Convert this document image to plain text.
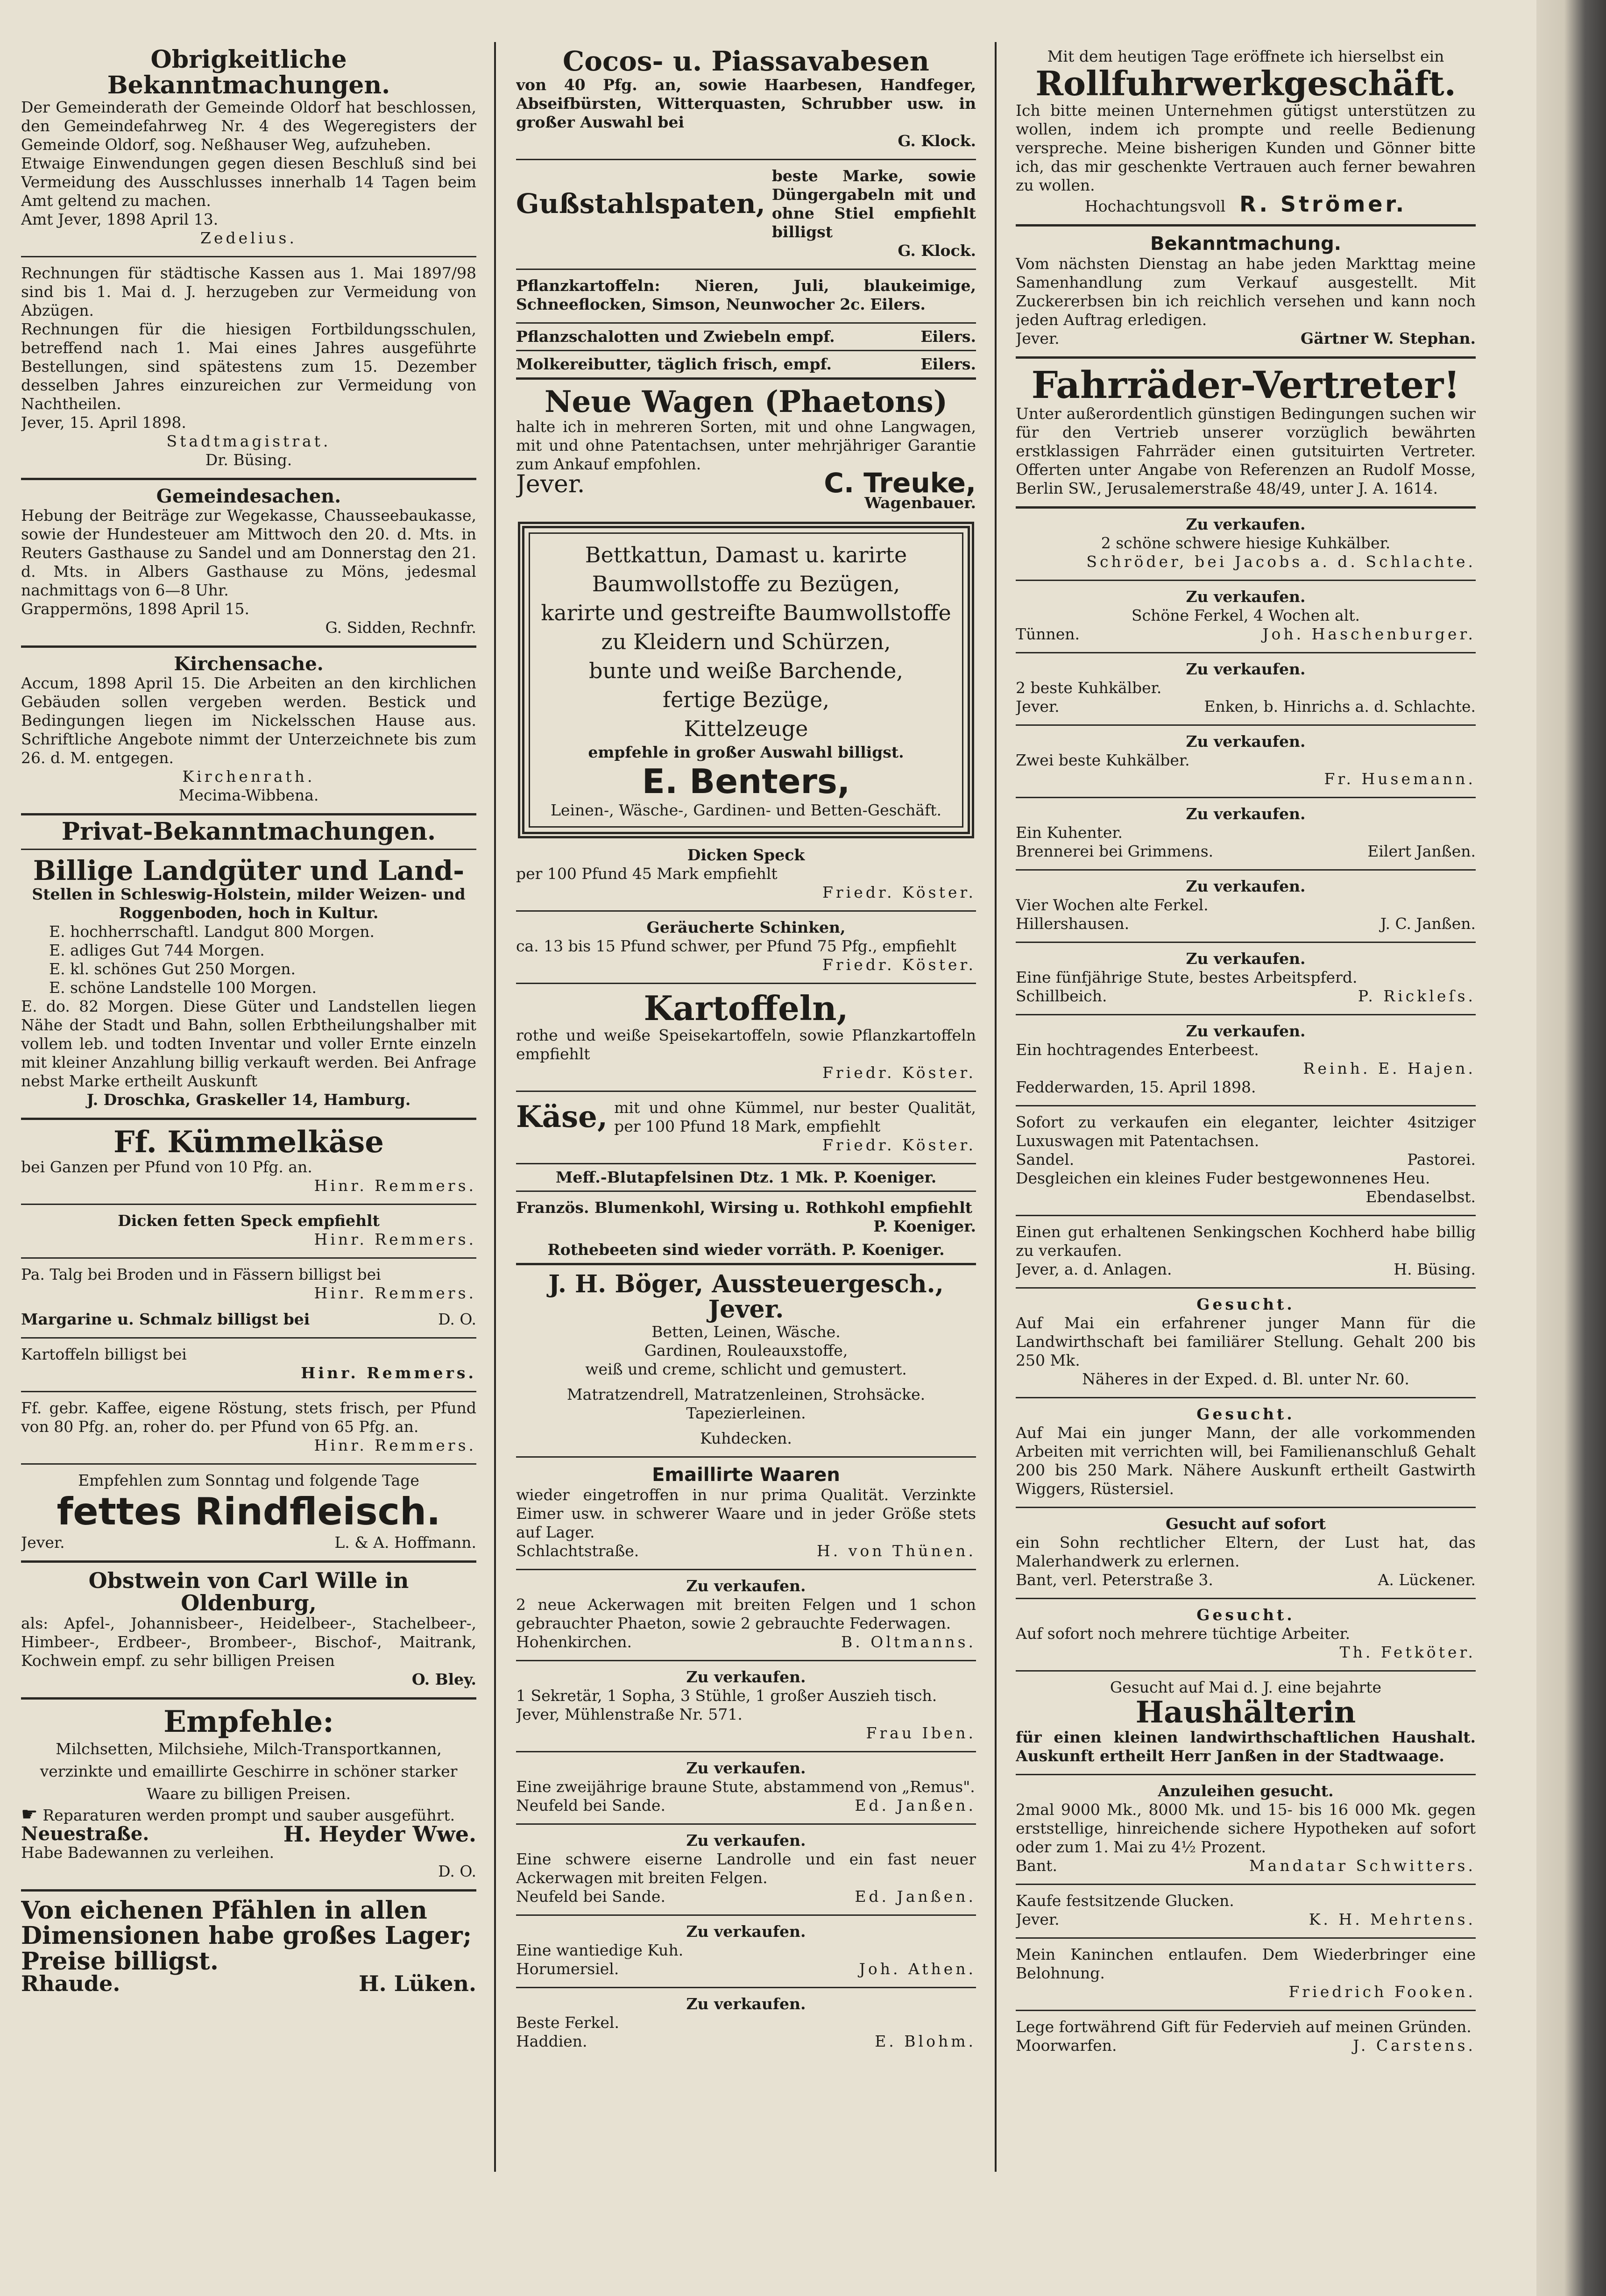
Obrigkeitliche Bekanntmachungen.
Der Gemeinderath der Gemeinde Oldorf hat beschlossen, den Gemeindefahrweg Nr. 4 des Wegeregisters der Gemeinde Oldorf, sog. Neßhauser Weg, aufzuheben.
Etwaige Einwendungen gegen diesen Beschluß sind bei Vermeidung des Ausschlusses innerhalb 14 Tagen beim Amt geltend zu machen.
Amt Jever, 1898 April 13.
Zedelius.
Rechnungen für städtische Kassen aus 1. Mai 1897/98 sind bis 1. Mai d. J. herzugeben zur Vermeidung von Abzügen.
Rechnungen für die hiesigen Fortbildungsschulen, betreffend nach 1. Mai eines Jahres ausgeführte Bestellungen, sind spätestens zum 15. Dezember desselben Jahres einzureichen zur Vermeidung von Nachtheilen.
Jever, 15. April 1898.
Stadtmagistrat.
Dr. Büsing.
Gemeindesachen.
Hebung der Beiträge zur Wegekasse, Chausseebaukasse, sowie der Hundesteuer am Mittwoch den 20. d. Mts. in Reuters Gasthause zu Sandel und am Donnerstag den 21. d. Mts. in Albers Gasthause zu Möns, jedesmal nachmittags von 6—8 Uhr.
Grappermöns, 1898 April 15.
G. Sidden, Rechnfr.
Kirchensache.
Accum, 1898 April 15. Die Arbeiten an den kirchlichen Gebäuden sollen vergeben werden. Bestick und Bedingungen liegen im Nickelsschen Hause aus. Schriftliche Angebote nimmt der Unterzeichnete bis zum 26. d. M. entgegen.
Kirchenrath.
Mecima-Wibbena.
Privat-Bekanntmachungen.
Billige Landgüter und Land-
Stellen in Schleswig-Holstein, milder Weizen- und Roggenboden, hoch in Kultur.
E. hochherrschaftl. Landgut 800 Morgen.
E. adliges Gut 744 Morgen.
E. kl. schönes Gut 250 Morgen.
E. schöne Landstelle 100 Morgen.
E. do. 82 Morgen. Diese Güter und Landstellen liegen Nähe der Stadt und Bahn, sollen Erbtheilungshalber mit vollem leb. und todten Inventar und voller Ernte einzeln mit kleiner Anzahlung billig verkauft werden. Bei Anfrage nebst Marke ertheilt Auskunft
J. Droschka, Graskeller 14, Hamburg.
Ff. Kümmelkäse
bei Ganzen per Pfund von 10 Pfg. an.
Hinr. Remmers.
Dicken fetten Speck empfiehlt
Hinr. Remmers.
Pa. Talg bei Broden und in Fässern billigst bei
Hinr. Remmers.
Margarine u. Schmalz billigst bei	D. O.
Kartoffeln billigst bei
Hinr. Remmers.
Ff. gebr. Kaffee, eigene Röstung, stets frisch, per Pfund von 80 Pfg. an, roher do. per Pfund von 65 Pfg. an.
Hinr. Remmers.
Empfehlen zum Sonntag und folgende Tage
fettes Rindfleisch.
Jever.	L. & A. Hoffmann.
Obstwein von Carl Wille in Oldenburg,
als: Apfel-, Johannisbeer-, Heidelbeer-, Stachelbeer-, Himbeer-, Erdbeer-, Brombeer-, Bischof-, Maitrank, Kochwein empf. zu sehr billigen Preisen
O. Bley.
Empfehle:
Milchsetten, Milchsiehe, Milch-Transportkannen, verzinkte und emaillirte Geschirre in schöner starker Waare zu billigen Preisen.
☛ Reparaturen werden prompt und sauber ausgeführt.
Neuestraße.	H. Heyder Wwe.
Habe Badewannen zu verleihen.
D. O.
Von eichenen Pfählen in allen Dimensionen habe großes Lager; Preise billigst.
Rhaude.	H. Lüken.
Cocos- u. Piassavabesen
von 40 Pfg. an, sowie Haarbesen, Handfeger, Abseifbürsten, Witterquasten, Schrubber usw. in großer Auswahl bei
G. Klock.
Gußstahlspaten,
beste Marke, sowie Düngergabeln mit und ohne Stiel empfiehlt billigst
G. Klock.
Pflanzkartoffeln: Nieren, Juli, blaukeimige, Schneeflocken, Simson, Neunwocher 2c. Eilers.
Pflanzschalotten und Zwiebeln empf.	Eilers.
Molkereibutter, täglich frisch, empf.	Eilers.
Neue Wagen (Phaetons)
halte ich in mehreren Sorten, mit und ohne Langwagen, mit und ohne Patentachsen, unter mehrjähriger Garantie zum Ankauf empfohlen.
Jever.	C. Treuke,
Wagenbauer.
Bettkattun, Damast u. karirte Baumwollstoffe zu Bezügen,
karirte und gestreifte Baumwollstoffe
zu Kleidern und Schürzen,
bunte und weiße Barchende,
fertige Bezüge,
Kittelzeuge
empfehle in großer Auswahl billigst.
E. Benters,
Leinen-, Wäsche-, Gardinen- und Betten-Geschäft.
Dicken Speck
per 100 Pfund 45 Mark empfiehlt
Friedr. Köster.
Geräucherte Schinken,
ca. 13 bis 15 Pfund schwer, per Pfund 75 Pfg., empfiehlt
Friedr. Köster.
Kartoffeln,
rothe und weiße Speisekartoffeln, sowie Pflanzkartoffeln empfiehlt
Friedr. Köster.
Käse, mit und ohne Kümmel, nur bester Qualität, per 100 Pfund 18 Mark, empfiehlt
Friedr. Köster.
Meff.-Blutapfelsinen Dtz. 1 Mk. P. Koeniger.
Französ. Blumenkohl, Wirsing u. Rothkohl empfiehlt
P. Koeniger.
Rothebeeten sind wieder vorräth. P. Koeniger.
J. H. Böger, Aussteuergesch., Jever.
Betten, Leinen, Wäsche.
Gardinen, Rouleauxstoffe,
weiß und creme, schlicht und gemustert.
Matratzendrell, Matratzenleinen, Strohsäcke.
Tapezierleinen.
Kuhdecken.
Emaillirte Waaren
wieder eingetroffen in nur prima Qualität. Verzinkte Eimer usw. in schwerer Waare und in jeder Größe stets auf Lager.
Schlachtstraße.	H. von Thünen.
Zu verkaufen.
2 neue Ackerwagen mit breiten Felgen und 1 schon gebrauchter Phaeton, sowie 2 gebrauchte Federwagen.
Hohenkirchen.	B. Oltmanns.
Zu verkaufen.
1 Sekretär, 1 Sopha, 3 Stühle, 1 großer Auszieh tisch.
Jever, Mühlenstraße Nr. 571.
Frau Iben.
Zu verkaufen.
Eine zweijährige braune Stute, abstammend von „Remus".
Neufeld bei Sande.	Ed. Janßen.
Zu verkaufen.
Eine schwere eiserne Landrolle und ein fast neuer Ackerwagen mit breiten Felgen.
Neufeld bei Sande.	Ed. Janßen.
Zu verkaufen.
Eine wantiedige Kuh.
Horumersiel.	Joh. Athen.
Zu verkaufen.
Beste Ferkel.
Haddien.	E. Blohm.
Mit dem heutigen Tage eröffnete ich hierselbst ein
Rollfuhrwerkgeschäft.
Ich bitte meinen Unternehmen gütigst unterstützen zu wollen, indem ich prompte und reelle Bedienung verspreche. Meine bisherigen Kunden und Gönner bitte ich, das mir geschenkte Vertrauen auch ferner bewahren zu wollen.
Hochachtungsvoll R. Strömer.
Bekanntmachung.
Vom nächsten Dienstag an habe jeden Markttag meine Samenhandlung zum Verkauf ausgestellt. Mit Zuckererbsen bin ich reichlich versehen und kann noch jeden Auftrag erledigen.
Jever.	Gärtner W. Stephan.
Fahrräder-Vertreter!
Unter außerordentlich günstigen Bedingungen suchen wir für den Vertrieb unserer vorzüglich bewährten erstklassigen Fahrräder einen gutsituirten Vertreter. Offerten unter Angabe von Referenzen an Rudolf Mosse, Berlin SW., Jerusalemerstraße 48/49, unter J. A. 1614.
Zu verkaufen.
2 schöne schwere hiesige Kuhkälber.
Schröder, bei Jacobs a. d. Schlachte.
Zu verkaufen.
Schöne Ferkel, 4 Wochen alt.
Tünnen.	Joh. Haschenburger.
Zu verkaufen.
2 beste Kuhkälber.
Jever.	Enken, b. Hinrichs a. d. Schlachte.
Zu verkaufen.
Zwei beste Kuhkälber.
Fr. Husemann.
Zu verkaufen.
Ein Kuhenter.
Brennerei bei Grimmens.	Eilert Janßen.
Zu verkaufen.
Vier Wochen alte Ferkel.
Hillershausen.	J. C. Janßen.
Zu verkaufen.
Eine fünfjährige Stute, bestes Arbeitspferd.
Schillbeich.	P. Rickleſs.
Zu verkaufen.
Ein hochtragendes Enterbeest.
Reinh. E. Hajen.
Fedderwarden, 15. April 1898.
Sofort zu verkaufen ein eleganter, leichter 4sitziger Luxuswagen mit Patentachsen.
Sandel.	Pastorei.
Desgleichen ein kleines Fuder bestgewonnenes Heu.
Ebendaselbst.
Einen gut erhaltenen Senkingschen Kochherd habe billig zu verkaufen.
Jever, a. d. Anlagen.	H. Büsing.
Gesucht.
Auf Mai ein erfahrener junger Mann für die Landwirthschaft bei familiärer Stellung. Gehalt 200 bis 250 Mk.
Näheres in der Exped. d. Bl. unter Nr. 60.
Gesucht.
Auf Mai ein junger Mann, der alle vorkommenden Arbeiten mit verrichten will, bei Familienanschluß Gehalt 200 bis 250 Mark. Nähere Auskunft ertheilt Gastwirth Wiggers, Rüstersiel.
Gesucht auf sofort
ein Sohn rechtlicher Eltern, der Lust hat, das Malerhandwerk zu erlernen.
Bant, verl. Peterstraße 3.	A. Lückener.
Gesucht.
Auf sofort noch mehrere tüchtige Arbeiter.
Th. Fetköter.
Gesucht auf Mai d. J. eine bejahrte
Haushälterin
für einen kleinen landwirthschaftlichen Haushalt. Auskunft ertheilt Herr Janßen in der Stadtwaage.
Anzuleihen gesucht.
2mal 9000 Mk., 8000 Mk. und 15- bis 16 000 Mk. gegen erststellige, hinreichende sichere Hypotheken auf sofort oder zum 1. Mai zu 4½ Prozent.
Bant.	Mandatar Schwitters.
Kaufe festsitzende Glucken.
Jever.	K. H. Mehrtens.
Mein Kaninchen entlaufen. Dem Wiederbringer eine Belohnung.
Friedrich Fooken.
Lege fortwährend Gift für Federvieh auf meinen Gründen.
Moorwarfen.	J. Carstens.
